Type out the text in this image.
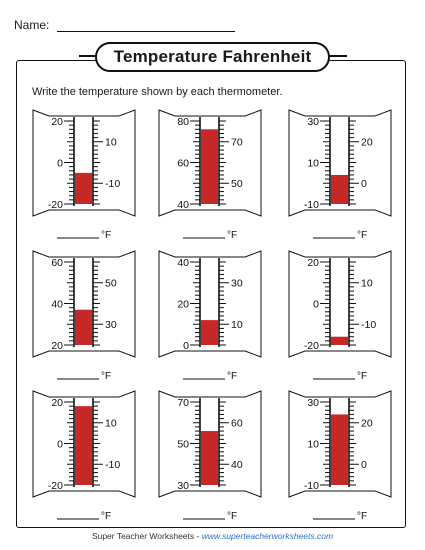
Name:
Temperature Fahrenheit
Write the temperature shown by each thermometer.
20
0
-20
10
-10
°F
80
60
40
70
50
°F
30
10
-10
20
0
°F
60
40
20
50
30
°F
40
20
0
30
10
°F
20
0
-20
10
-10
°F
20
0
-20
10
-10
°F
70
50
30
60
40
°F
30
10
-10
20
0
°F
Super Teacher Worksheets - www.superteacherworksheets.com
